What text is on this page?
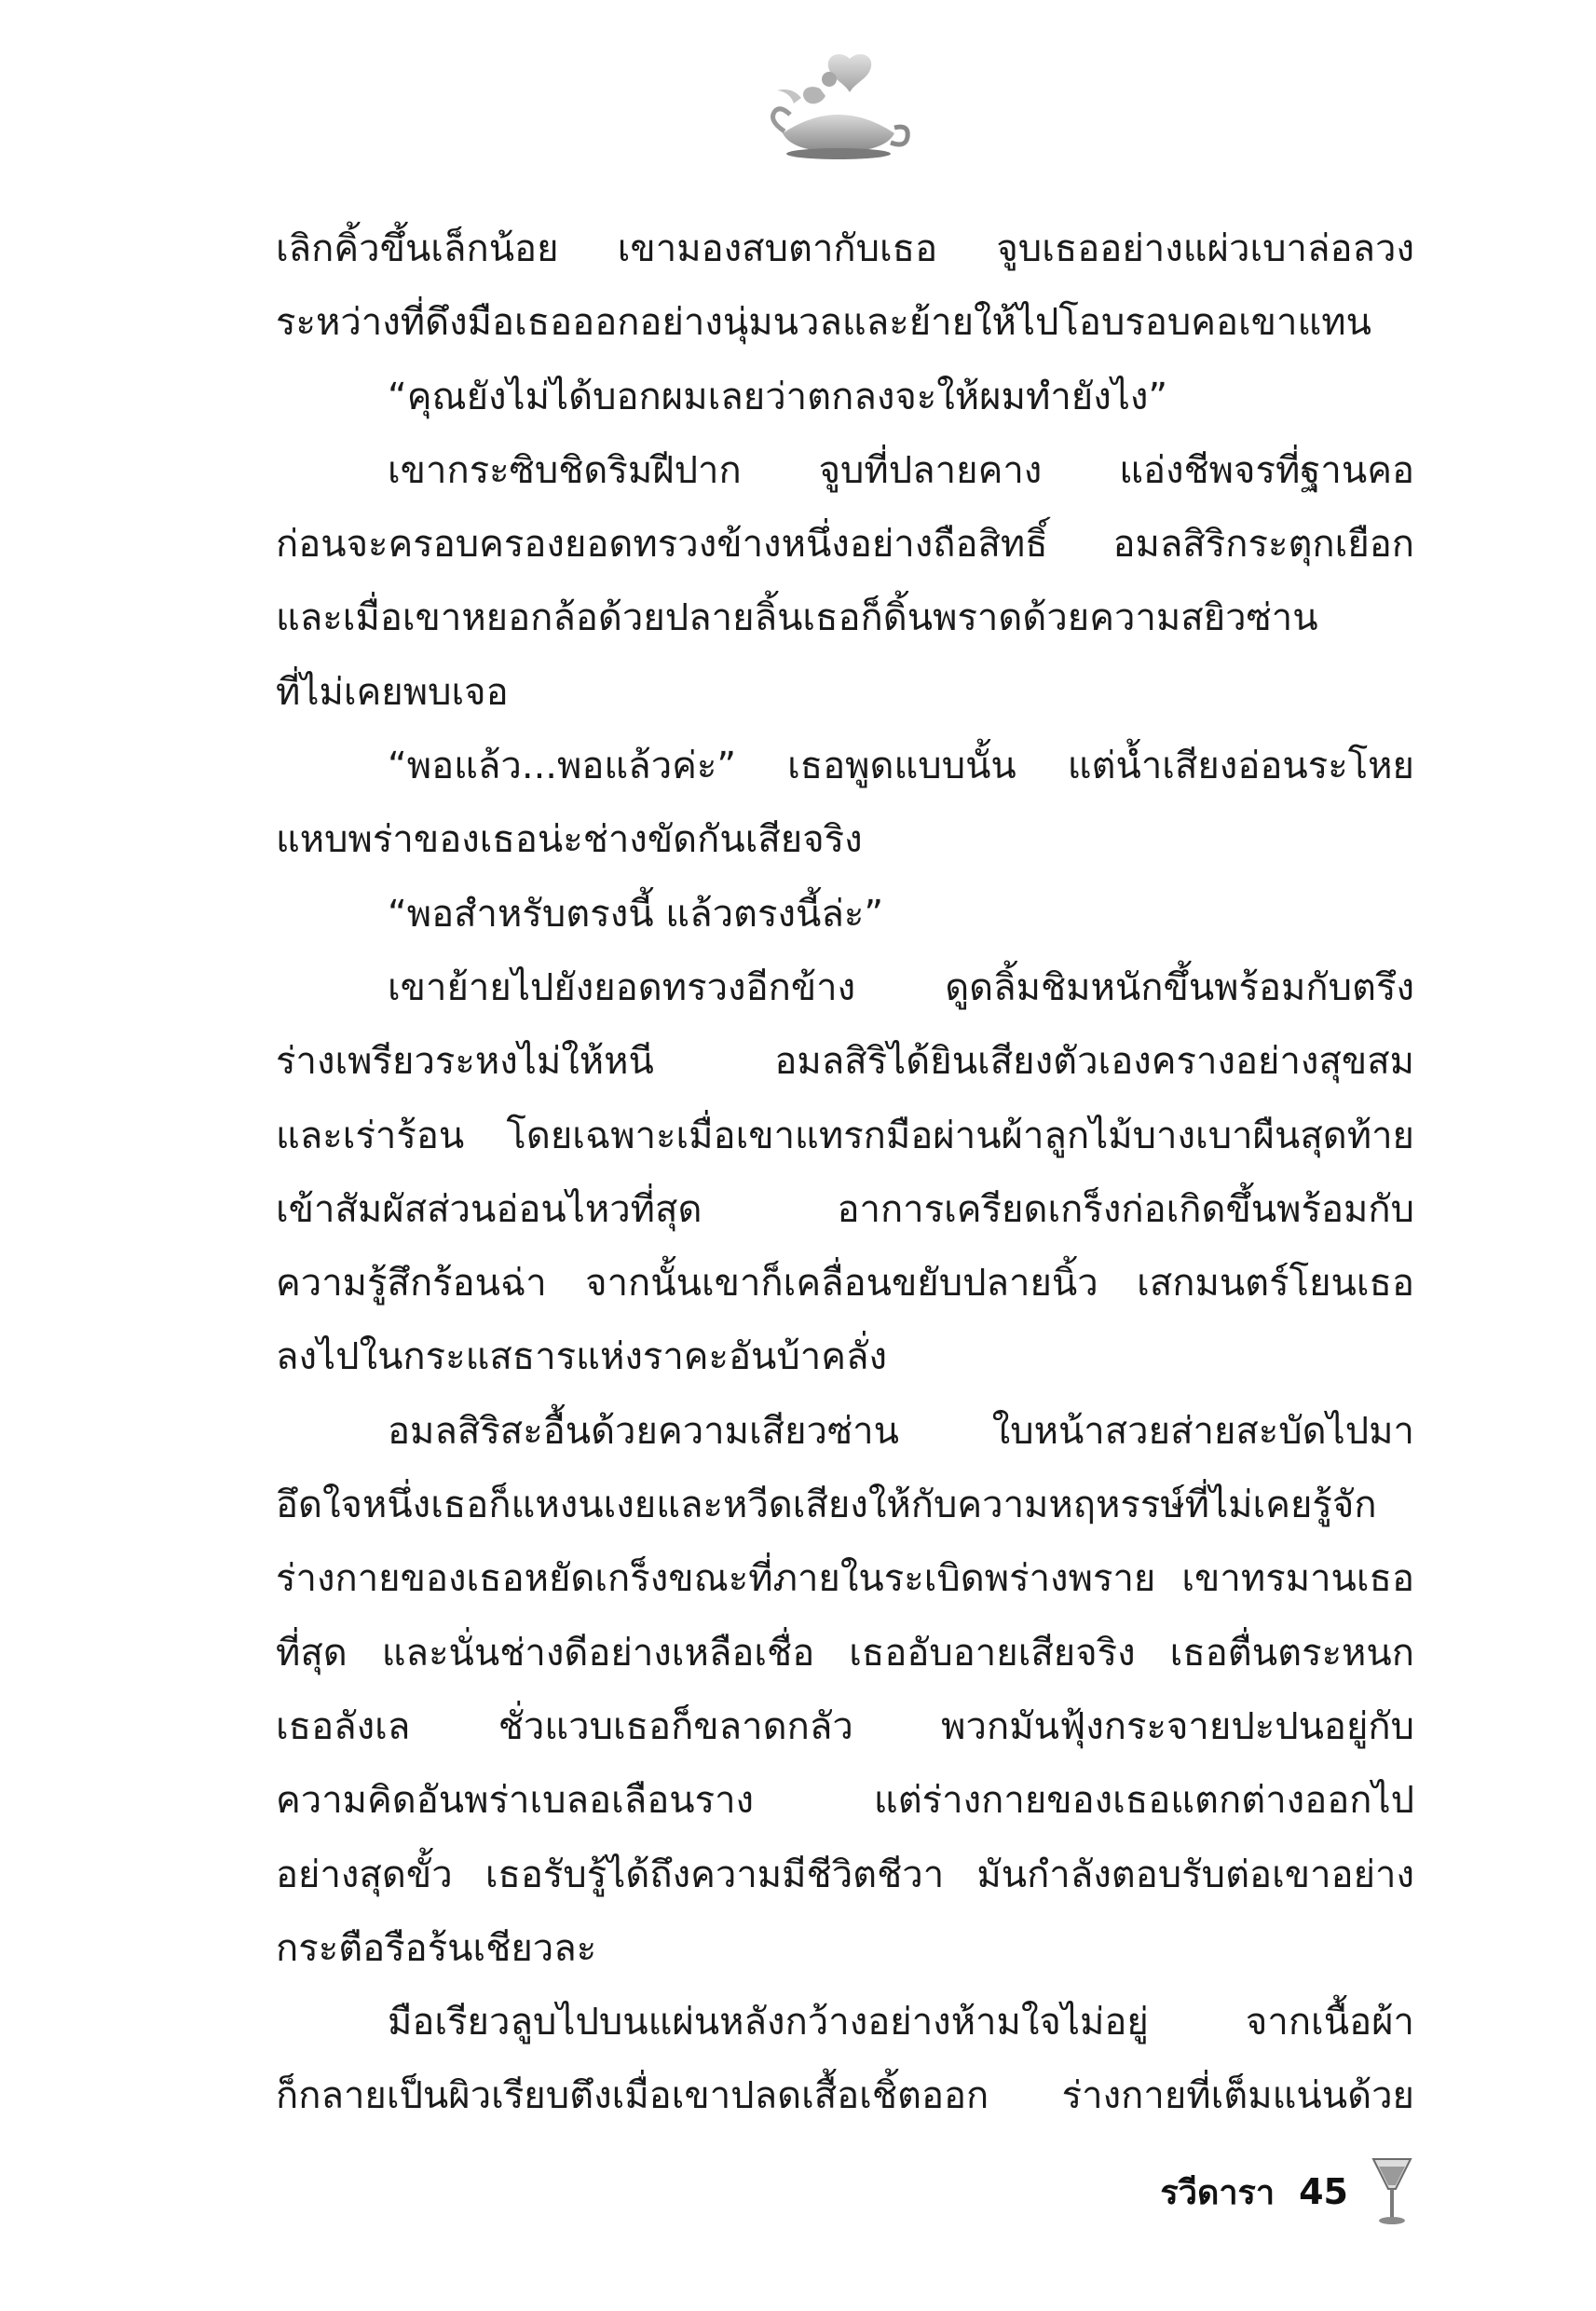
เลิกคิ้วขึ้นเล็กน้อย เขามองสบตากับเธอ จูบเธออย่างแผ่วเบาล่อลวง
ระหว่างที่ดึงมือเธอออกอย่างนุ่มนวลและย้ายให้ไปโอบรอบคอเขาแทน
“คุณยังไม่ได้บอกผมเลยว่าตกลงจะให้ผมทำยังไง”
เขากระซิบชิดริมฝีปาก จูบที่ปลายคาง แอ่งชีพจรที่ฐานคอ
ก่อนจะครอบครองยอดทรวงข้างหนึ่งอย่างถือสิทธิ์ อมลสิริกระตุกเยือก
และเมื่อเขาหยอกล้อด้วยปลายลิ้นเธอก็ดิ้นพราดด้วยความสยิวซ่าน
ที่ไม่เคยพบเจอ
“พอแล้ว...พอแล้วค่ะ” เธอพูดแบบนั้น แต่น้ำเสียงอ่อนระโหย
แหบพร่าของเธอน่ะช่างขัดกันเสียจริง
“พอสำหรับตรงนี้ แล้วตรงนี้ล่ะ”
เขาย้ายไปยังยอดทรวงอีกข้าง ดูดลิ้มชิมหนักขึ้นพร้อมกับตรึง
ร่างเพรียวระหงไม่ให้หนี อมลสิริได้ยินเสียงตัวเองครางอย่างสุขสม
และเร่าร้อน โดยเฉพาะเมื่อเขาแทรกมือผ่านผ้าลูกไม้บางเบาผืนสุดท้าย
เข้าสัมผัสส่วนอ่อนไหวที่สุด อาการเครียดเกร็งก่อเกิดขึ้นพร้อมกับ
ความรู้สึกร้อนฉ่า จากนั้นเขาก็เคลื่อนขยับปลายนิ้ว เสกมนตร์โยนเธอ
ลงไปในกระแสธารแห่งราคะอันบ้าคลั่ง
อมลสิริสะอื้นด้วยความเสียวซ่าน ใบหน้าสวยส่ายสะบัดไปมา
อึดใจหนึ่งเธอก็แหงนเงยและหวีดเสียงให้กับความหฤหรรษ์ที่ไม่เคยรู้จัก
ร่างกายของเธอหยัดเกร็งขณะที่ภายในระเบิดพร่างพราย เขาทรมานเธอ
ที่สุด และนั่นช่างดีอย่างเหลือเชื่อ เธออับอายเสียจริง เธอตื่นตระหนก
เธอลังเล ชั่วแวบเธอก็ขลาดกลัว พวกมันฟุ้งกระจายปะปนอยู่กับ
ความคิดอันพร่าเบลอเลือนราง แต่ร่างกายของเธอแตกต่างออกไป
อย่างสุดขั้ว เธอรับรู้ได้ถึงความมีชีวิตชีวา มันกำลังตอบรับต่อเขาอย่าง
กระตือรือร้นเชียวละ
มือเรียวลูบไปบนแผ่นหลังกว้างอย่างห้ามใจไม่อยู่ จากเนื้อผ้า
ก็กลายเป็นผิวเรียบตึงเมื่อเขาปลดเสื้อเชิ้ตออก ร่างกายที่เต็มแน่นด้วย
รวีดารา 45
